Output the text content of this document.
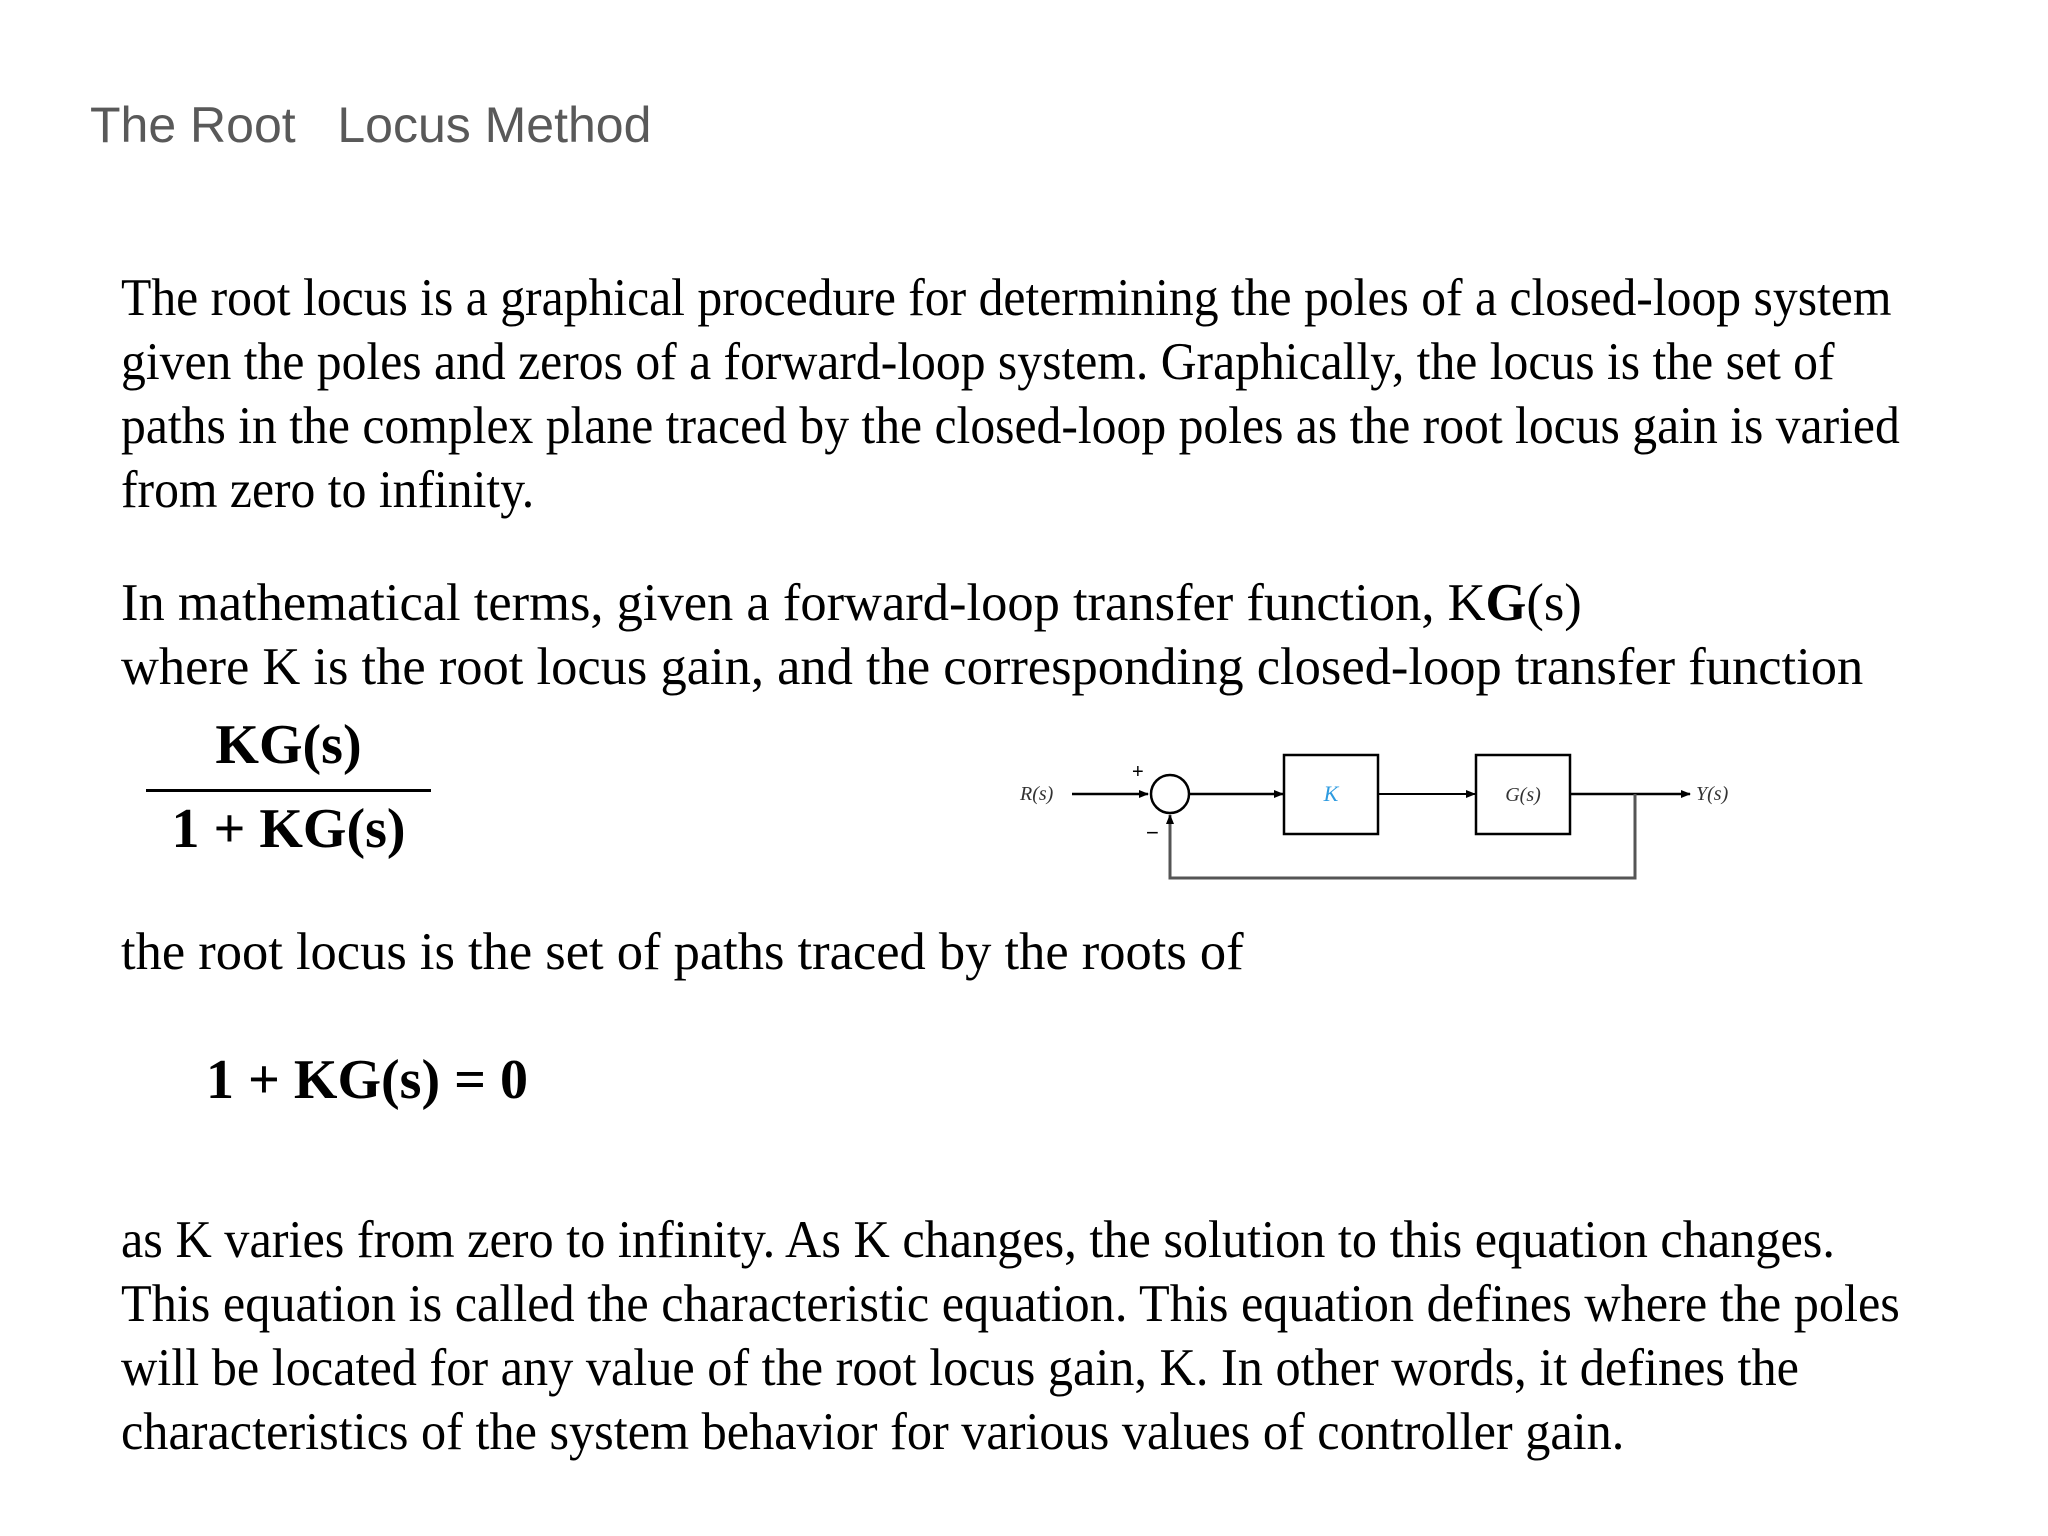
The Root   Locus Method
The root locus is a graphical procedure for determining the poles of a closed-loop system
given the poles and zeros of a forward-loop system. Graphically, the locus is the set of
paths in the complex plane traced by the closed-loop poles as the root locus gain is varied
from zero to infinity.
In mathematical terms, given a forward-loop transfer function, KG(s)
where K is the root locus gain, and the corresponding closed-loop transfer function
KG(s)
1 + KG(s)
R(s)
+
−
K	G(s)	Y(s)
the root locus is the set of paths traced by the roots of
1 + KG(s) = 0
as K varies from zero to infinity. As K changes, the solution to this equation changes.
This equation is called the characteristic equation. This equation defines where the poles
will be located for any value of the root locus gain, K. In other words, it defines the
characteristics of the system behavior for various values of controller gain.
